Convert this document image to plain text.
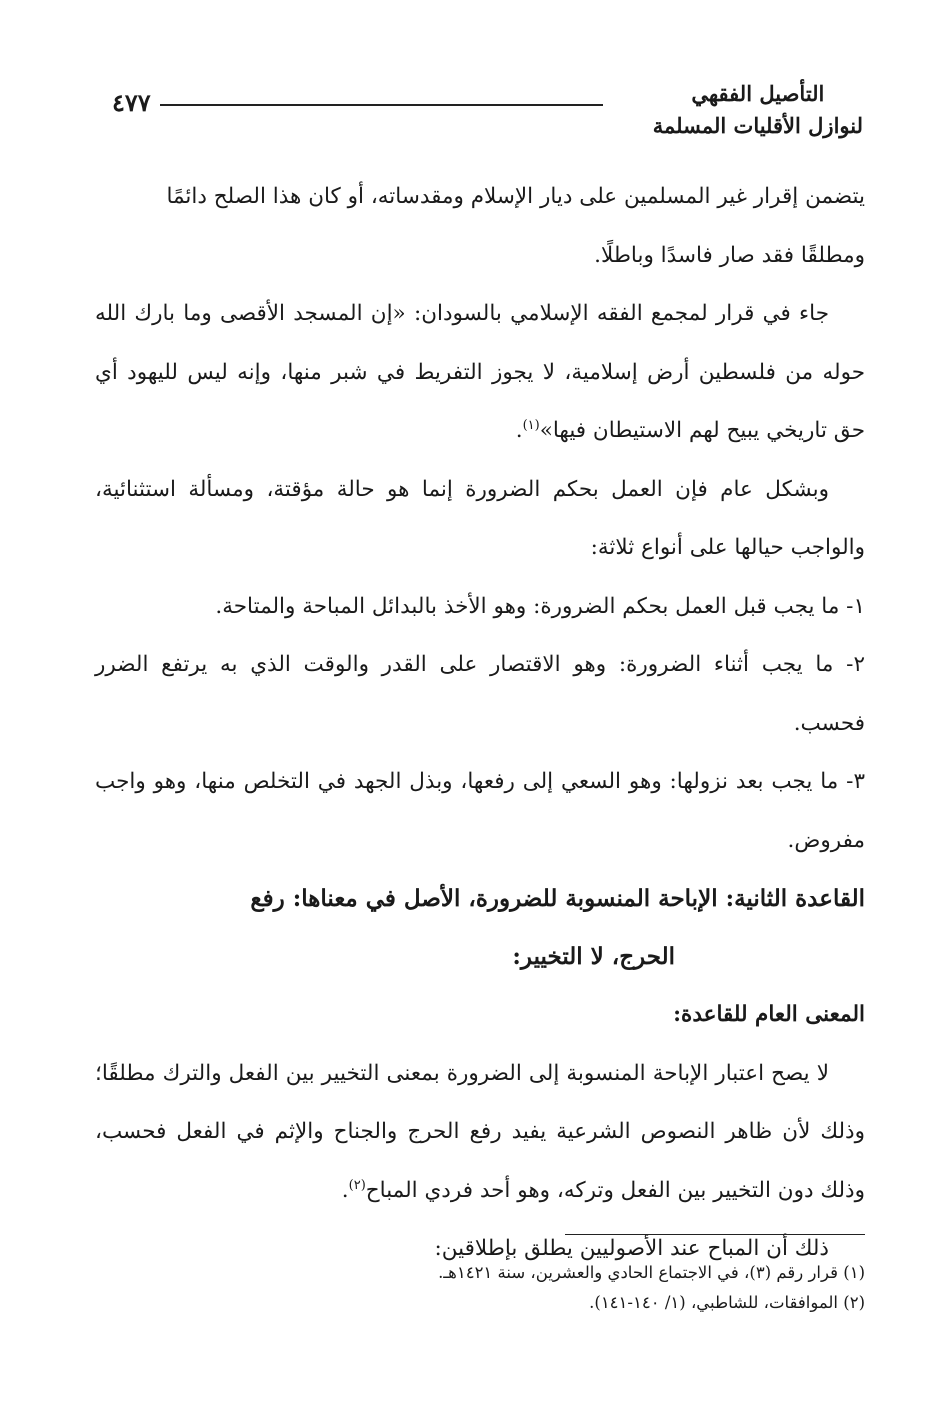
التأصيل الفقهي
لنوازل الأقليات المسلمة
٤٧٧

يتضمن إقرار غير المسلمين على ديار الإسلام ومقدساته، أو كان هذا الصلح دائمًا
ومطلقًا فقد صار فاسدًا وباطلًا.

جاء في قرار لمجمع الفقه الإسلامي بالسودان: «إن المسجد الأقصى وما بارك الله حوله من فلسطين أرض إسلامية، لا يجوز التفريط في شبر منها، وإنه ليس لليهود أي حق تاريخي يبيح لهم الاستيطان فيها»$^{(١)}$.

وبشكل عام فإن العمل بحكم الضرورة إنما هو حالة مؤقتة، ومسألة استثنائية، والواجب حيالها على أنواع ثلاثة:

١- ما يجب قبل العمل بحكم الضرورة: وهو الأخذ بالبدائل المباحة والمتاحة.

٢- ما يجب أثناء الضرورة: وهو الاقتصار على القدر والوقت الذي به يرتفع الضرر فحسب.

٣- ما يجب بعد نزولها: وهو السعي إلى رفعها، وبذل الجهد في التخلص منها، وهو واجب مفروض.

القاعدة الثانية: الإباحة المنسوبة للضرورة، الأصل في معناها: رفع
الحرج، لا التخيير:

المعنى العام للقاعدة:

لا يصح اعتبار الإباحة المنسوبة إلى الضرورة بمعنى التخيير بين الفعل والترك مطلقًا؛ وذلك لأن ظاهر النصوص الشرعية يفيد رفع الحرج والجناح والإثم في الفعل فحسب، وذلك دون التخيير بين الفعل وتركه، وهو أحد فردي المباح$^{(٢)}$.

ذلك أن المباح عند الأصوليين يطلق بإطلاقين:

(١) قرار رقم (٣)، في الاجتماع الحادي والعشرين، سنة ١٤٢١هـ.

(٢) الموافقات، للشاطبي، (١/ ١٤٠-١٤١).
